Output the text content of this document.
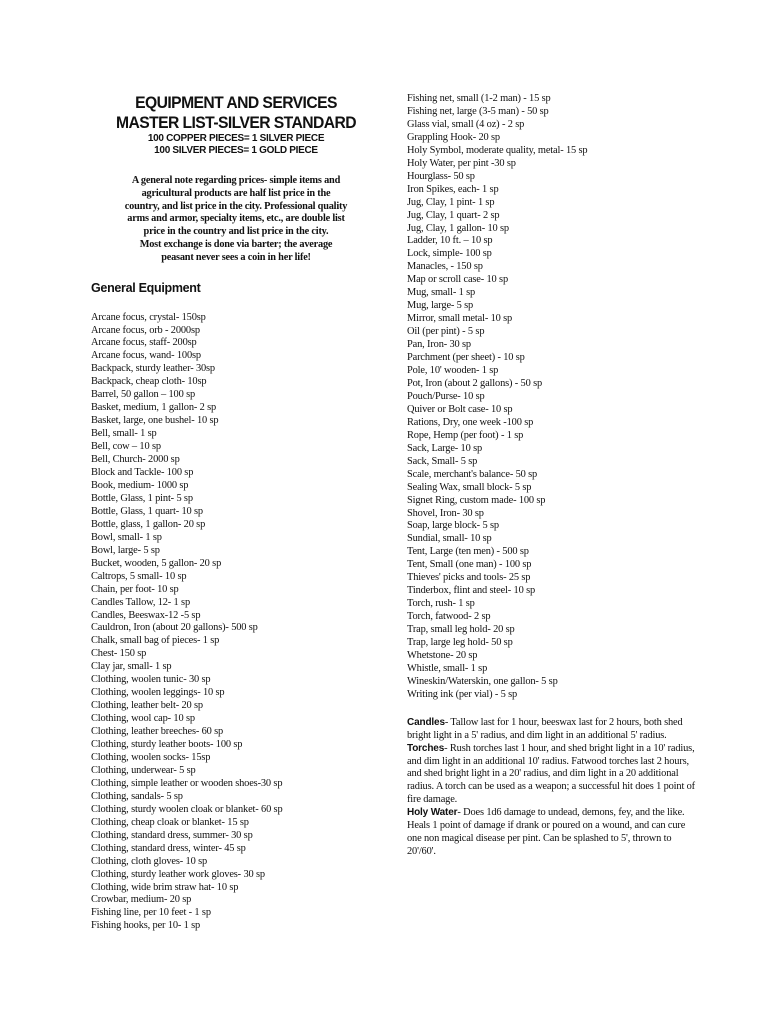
EQUIPMENT AND SERVICES
MASTER LIST-SILVER STANDARD
100 COPPER PIECES= 1 SILVER PIECE
100 SILVER PIECES= 1 GOLD PIECE
A general note regarding prices- simple items and
agricultural products are half list price in the
country, and list price in the city. Professional quality
arms and armor, specialty items, etc., are double list
price in the country and list price in the city.
Most exchange is done via barter; the average
peasant never sees a coin in her life!
General Equipment
Arcane focus, crystal- 150sp
Arcane focus, orb - 2000sp
Arcane focus, staff- 200sp
Arcane focus, wand- 100sp
Backpack, sturdy leather- 30sp
Backpack, cheap cloth- 10sp
Barrel, 50 gallon – 100 sp
Basket, medium, 1 gallon- 2 sp
Basket, large, one bushel- 10 sp
Bell, small- 1 sp
Bell, cow – 10 sp
Bell, Church- 2000 sp
Block and Tackle- 100 sp
Book, medium- 1000 sp
Bottle, Glass, 1 pint- 5 sp
Bottle, Glass, 1 quart- 10 sp
Bottle, glass, 1 gallon- 20 sp
Bowl, small- 1 sp
Bowl, large- 5 sp
Bucket, wooden, 5 gallon- 20 sp
Caltrops, 5 small- 10 sp
Chain, per foot- 10 sp
Candles Tallow, 12- 1 sp
Candles, Beeswax-12 -5 sp
Cauldron, Iron (about 20 gallons)- 500 sp
Chalk, small bag of pieces- 1 sp
Chest- 150 sp
Clay jar, small- 1 sp
Clothing, woolen tunic- 30 sp
Clothing, woolen leggings- 10 sp
Clothing, leather belt- 20 sp
Clothing, wool cap- 10 sp
Clothing, leather breeches- 60 sp
Clothing, sturdy leather boots- 100 sp
Clothing, woolen socks- 15sp
Clothing, underwear- 5 sp
Clothing, simple leather or wooden shoes-30 sp
Clothing, sandals- 5 sp
Clothing, sturdy woolen cloak or blanket- 60 sp
Clothing, cheap cloak or blanket- 15 sp
Clothing, standard dress, summer- 30 sp
Clothing, standard dress, winter- 45 sp
Clothing, cloth gloves- 10 sp
Clothing, sturdy leather work gloves- 30 sp
Clothing, wide brim straw hat- 10 sp
Crowbar, medium- 20 sp
Fishing line, per 10 feet - 1 sp
Fishing hooks, per 10- 1 sp
Fishing net, small (1-2 man) - 15 sp
Fishing net, large (3-5 man) - 50 sp
Glass vial, small (4 oz) - 2 sp
Grappling Hook- 20 sp
Holy Symbol, moderate quality, metal- 15 sp
Holy Water, per pint -30 sp
Hourglass- 50 sp
Iron Spikes, each- 1 sp
Jug, Clay, 1 pint- 1 sp
Jug, Clay, 1 quart- 2 sp
Jug, Clay, 1 gallon- 10 sp
Ladder, 10 ft. – 10 sp
Lock, simple- 100 sp
Manacles, - 150 sp
Map or scroll case- 10 sp
Mug, small- 1 sp
Mug, large- 5 sp
Mirror, small metal- 10 sp
Oil (per pint) - 5 sp
Pan, Iron- 30 sp
Parchment (per sheet) - 10 sp
Pole, 10' wooden- 1 sp
Pot, Iron (about 2 gallons) - 50 sp
Pouch/Purse- 10 sp
Quiver or Bolt case- 10 sp
Rations, Dry, one week -100 sp
Rope, Hemp (per foot) - 1 sp
Sack, Large- 10 sp
Sack, Small- 5 sp
Scale, merchant's balance- 50 sp
Sealing Wax, small block- 5 sp
Signet Ring, custom made- 100 sp
Shovel, Iron- 30 sp
Soap, large block- 5 sp
Sundial, small- 10 sp
Tent, Large (ten men) - 500 sp
Tent, Small (one man) - 100 sp
Thieves' picks and tools- 25 sp
Tinderbox, flint and steel- 10 sp
Torch, rush- 1 sp
Torch, fatwood- 2 sp
Trap, small leg hold- 20 sp
Trap, large leg hold- 50 sp
Whetstone- 20 sp
Whistle, small- 1 sp
Wineskin/Waterskin, one gallon- 5 sp
Writing ink (per vial) - 5 sp

Candles- Tallow last for 1 hour, beeswax last for 2 hours, both shed bright light in a 5' radius, and dim light in an additional 5' radius.

Torches- Rush torches last 1 hour, and shed bright light in a 10' radius, and dim light in an additional 10' radius. Fatwood torches last 2 hours, and shed bright light in a 20' radius, and dim light in a 20 additional radius. A torch can be used as a weapon; a successful hit does 1 point of fire damage.

Holy Water- Does 1d6 damage to undead, demons, fey, and the like. Heals 1 point of damage if drank or poured on a wound, and can cure one non magical disease per pint. Can be splashed to 5', thrown to 20'/60'.
